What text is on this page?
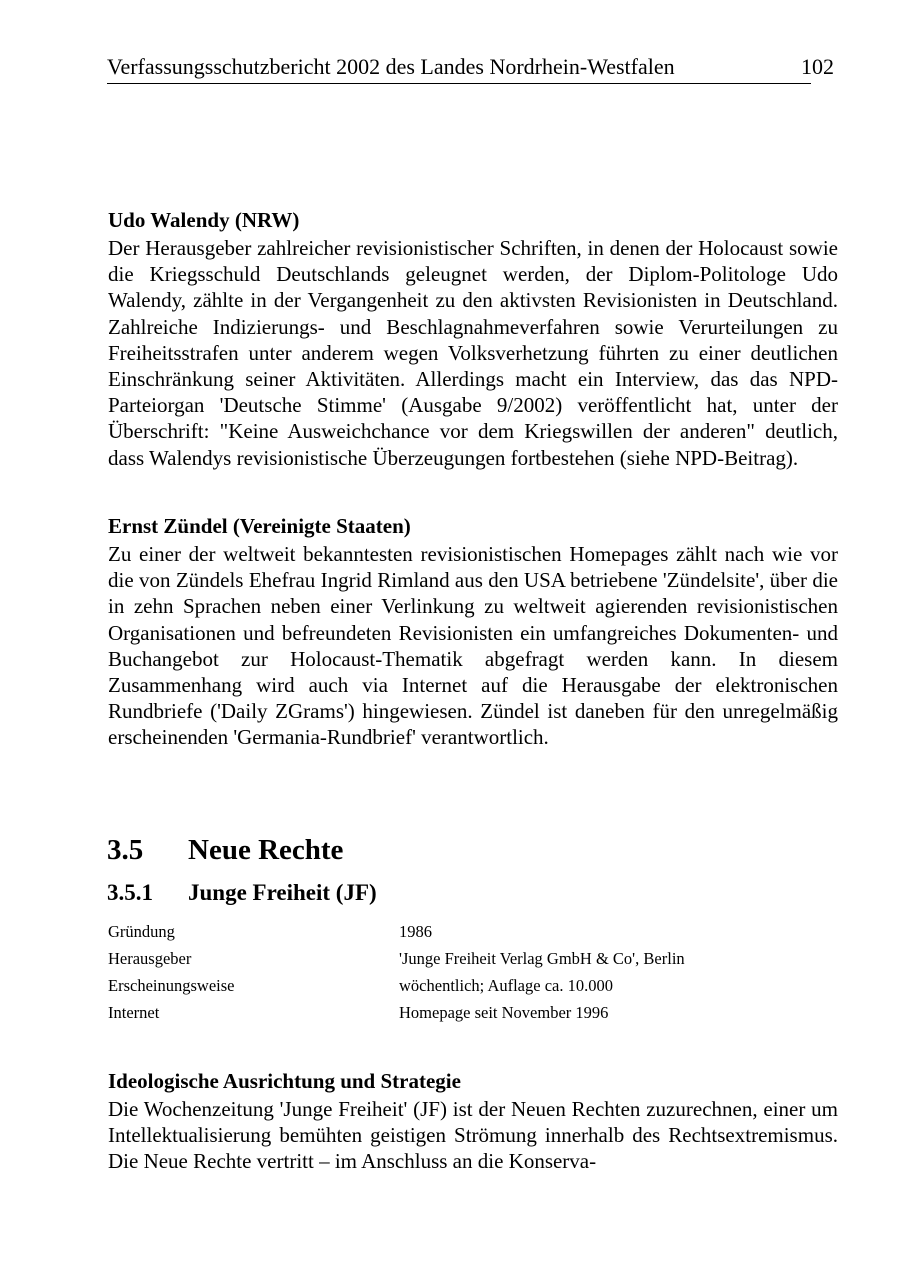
Verfassungsschutzbericht 2002 des Landes Nordrhein-Westfalen	102
Udo Walendy (NRW)

Der Herausgeber zahlreicher revisionistischer Schriften, in denen der Holocaust sowie die Kriegsschuld Deutschlands geleugnet werden, der Diplom-Politologe Udo Walendy, zählte in der Vergangenheit zu den aktivsten Revisionisten in Deutschland. Zahlreiche Indizierungs- und Beschlagnahmeverfahren sowie Verurteilungen zu Freiheitsstrafen unter anderem wegen Volksverhetzung führten zu einer deutlichen Einschränkung seiner Aktivitäten. Allerdings macht ein Interview, das das NPD-Parteiorgan 'Deutsche Stimme' (Ausgabe 9/2002) veröffentlicht hat, unter der Überschrift: "Keine Ausweichchance vor dem Kriegswillen der anderen" deutlich, dass Walendys revisionistische Überzeugungen fortbestehen (siehe NPD-Beitrag).

Ernst Zündel (Vereinigte Staaten)

Zu einer der weltweit bekanntesten revisionistischen Homepages zählt nach wie vor die von Zündels Ehefrau Ingrid Rimland aus den USA betriebene 'Zündelsite', über die in zehn Sprachen neben einer Verlinkung zu weltweit agierenden revisionistischen Organisationen und befreundeten Revisionisten ein umfangreiches Dokumenten- und Buchangebot zur Holocaust-Thematik abgefragt werden kann. In diesem Zusammenhang wird auch via Internet auf die Herausgabe der elektronischen Rundbriefe ('Daily ZGrams') hingewiesen. Zündel ist daneben für den unregelmäßig erscheinenden 'Germania-Rundbrief' verantwortlich.

3.5 Neue Rechte
3.5.1 Junge Freiheit (JF)
Gründung	1986
Herausgeber	'Junge Freiheit Verlag GmbH & Co', Berlin
Erscheinungsweise	wöchentlich; Auflage ca. 10.000
Internet	Homepage seit November 1996
Ideologische Ausrichtung und Strategie

Die Wochenzeitung 'Junge Freiheit' (JF) ist der Neuen Rechten zuzurechnen, einer um Intellektualisierung bemühten geistigen Strömung innerhalb des Rechtsextremismus. Die Neue Rechte vertritt – im Anschluss an die Konserva-
